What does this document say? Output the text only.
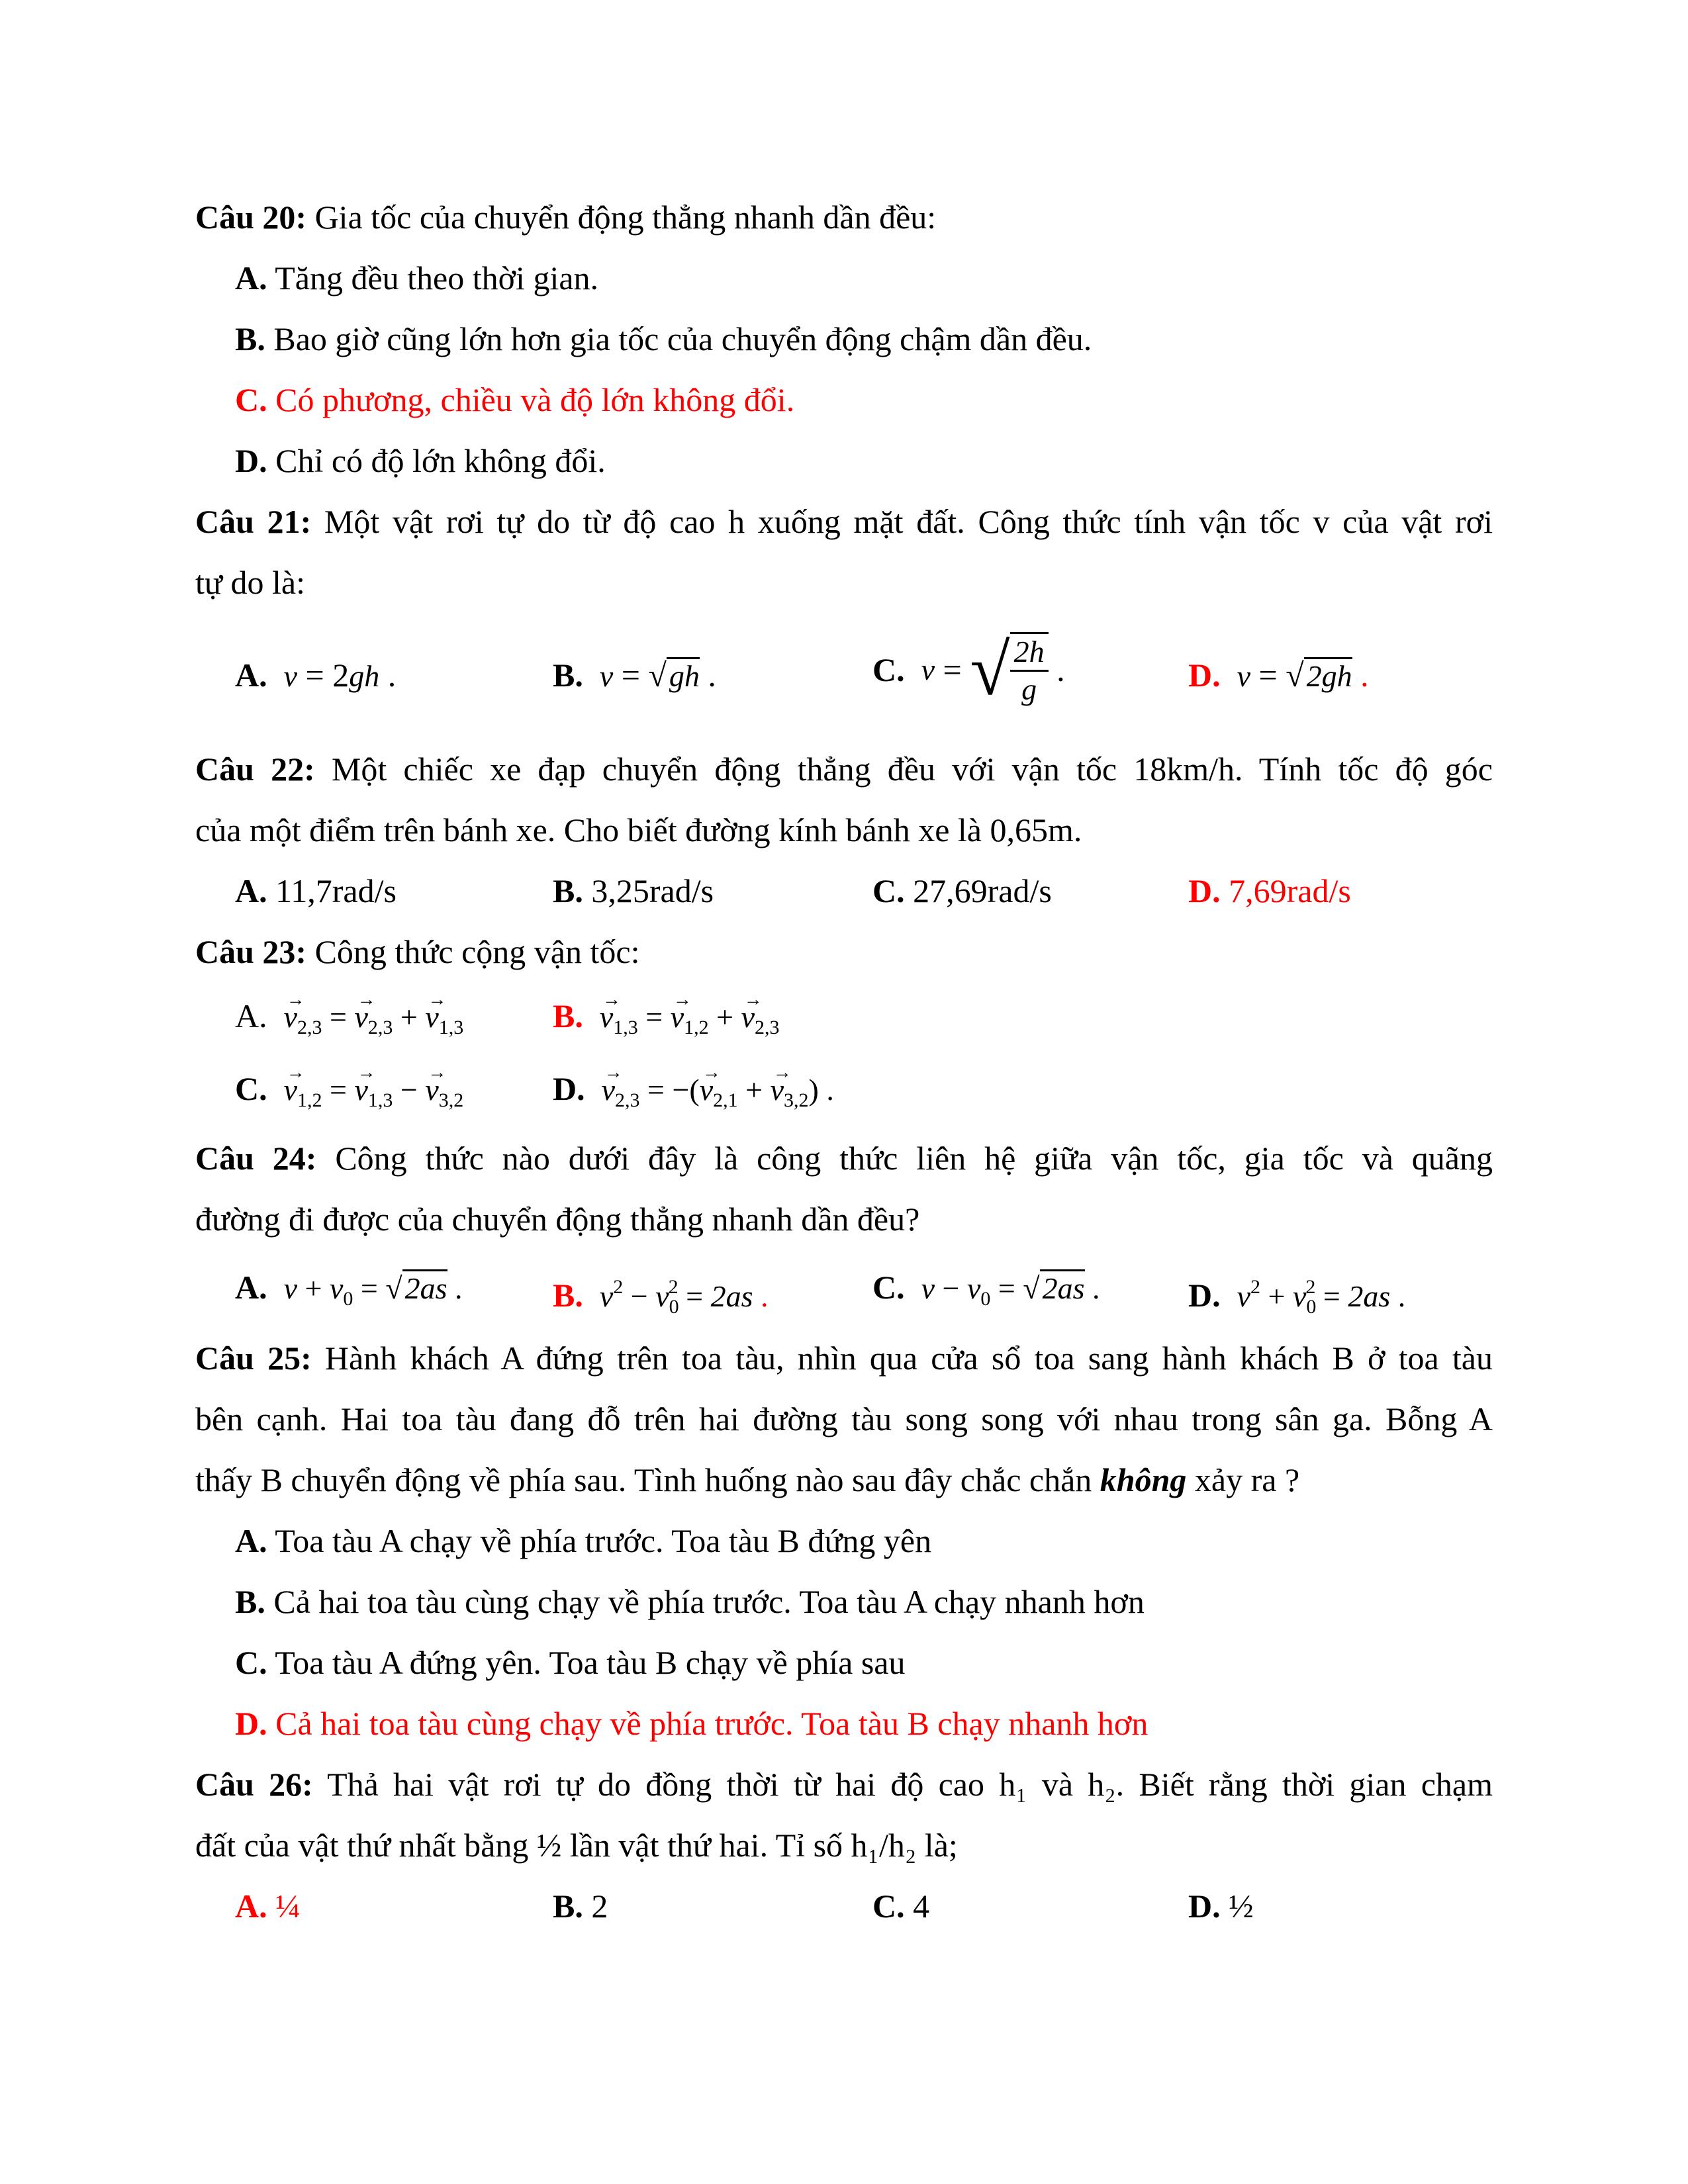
Câu 20: Gia tốc của chuyển động thẳng nhanh dần đều:
A. Tăng đều theo thời gian.
B. Bao giờ cũng lớn hơn gia tốc của chuyển động chậm dần đều.
C. Có phương, chiều và độ lớn không đổi.
D. Chỉ có độ lớn không đổi.
Câu 21: Một vật rơi tự do từ độ cao h xuống mặt đất. Công thức tính vận tốc v của vật rơi
tự do là:
A. v = 2gh .	B. v = √gh .	C. v = √ $\frac{2h}{g}$ .	D. v = √2gh .
Câu 22: Một chiếc xe đạp chuyển động thẳng đều với vận tốc 18km/h. Tính tốc độ góc
của một điểm trên bánh xe. Cho biết đường kính bánh xe là 0,65m.
A. 11,7rad/s	B. 3,25rad/s	C. 27,69rad/s	D. 7,69rad/s
Câu 23: Công thức cộng vận tốc:
A. → $v_{2,3}$ = → $v_{2,3}$ + → $v_{1,3}$	B. → $v_{1,3}$ = → $v_{1,2}$ + → $v_{2,3}$
C. → $v_{1,2}$ = → $v_{1,3}$ − → $v_{3,2}$	D. → $v_{2,3}$ = −(→ $v_{2,1}$ + → $v_{3,2}$) .
Câu 24: Công thức nào dưới đây là công thức liên hệ giữa vận tốc, gia tốc và quãng
đường đi được của chuyển động thẳng nhanh dần đều?
A. $v + v_0 = √2as$ .	B. $v^2 - v_0^2 = 2as$ .	C. $v - v_0 = √2as$ .	D. $v^2 + v_0^2 = 2as$ .
Câu 25: Hành khách A đứng trên toa tàu, nhìn qua cửa sổ toa sang hành khách B ở toa tàu
bên cạnh. Hai toa tàu đang đỗ trên hai đường tàu song song với nhau trong sân ga. Bỗng A
thấy B chuyển động về phía sau. Tình huống nào sau đây chắc chắn không xảy ra ?
A. Toa tàu A chạy về phía trước. Toa tàu B đứng yên
B. Cả hai toa tàu cùng chạy về phía trước. Toa tàu A chạy nhanh hơn
C. Toa tàu A đứng yên. Toa tàu B chạy về phía sau
D. Cả hai toa tàu cùng chạy về phía trước. Toa tàu B chạy nhanh hơn
Câu 26: Thả hai vật rơi tự do đồng thời từ hai độ cao h₁ và h₂. Biết rằng thời gian chạm
đất của vật thứ nhất bằng ½ lần vật thứ hai. Tỉ số h₁/h₂ là;
A. ¼	B. 2	C. 4	D. ½
